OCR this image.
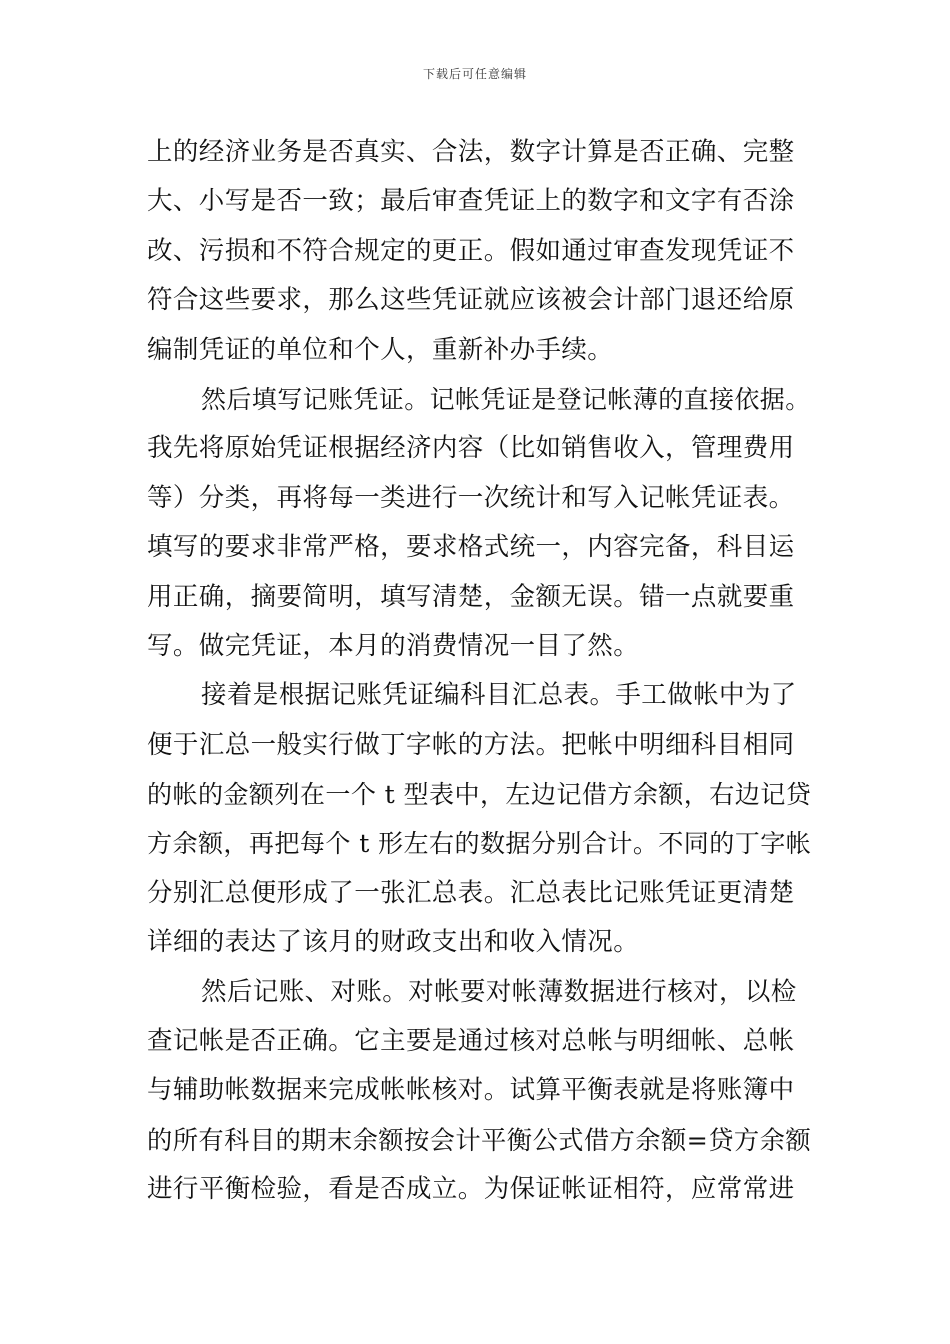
下载后可任意编辑
上的经济业务是否真实、合法，数字计算是否正确、完整
大、小写是否一致；最后审查凭证上的数字和文字有否涂
改、污损和不符合规定的更正。假如通过审查发现凭证不
符合这些要求，那么这些凭证就应该被会计部门退还给原
编制凭证的单位和个人，重新补办手续。
然后填写记账凭证。记帐凭证是登记帐薄的直接依据。
我先将原始凭证根据经济内容（比如销售收入，管理费用
等）分类，再将每一类进行一次统计和写入记帐凭证表。
填写的要求非常严格，要求格式统一，内容完备，科目运
用正确，摘要简明，填写清楚，金额无误。错一点就要重
写。做完凭证，本月的消费情况一目了然。
接着是根据记账凭证编科目汇总表。手工做帐中为了
便于汇总一般实行做丁字帐的方法。把帐中明细科目相同
的帐的金额列在一个 t 型表中，左边记借方余额，右边记贷
方余额，再把每个 t 形左右的数据分别合计。不同的丁字帐
分别汇总便形成了一张汇总表。汇总表比记账凭证更清楚
详细的表达了该月的财政支出和收入情况。
然后记账、对账。对帐要对帐薄数据进行核对，以检
查记帐是否正确。它主要是通过核对总帐与明细帐、总帐
与辅助帐数据来完成帐帐核对。试算平衡表就是将账簿中
的所有科目的期末余额按会计平衡公式借方余额=贷方余额
进行平衡检验，看是否成立。为保证帐证相符，应常常进
